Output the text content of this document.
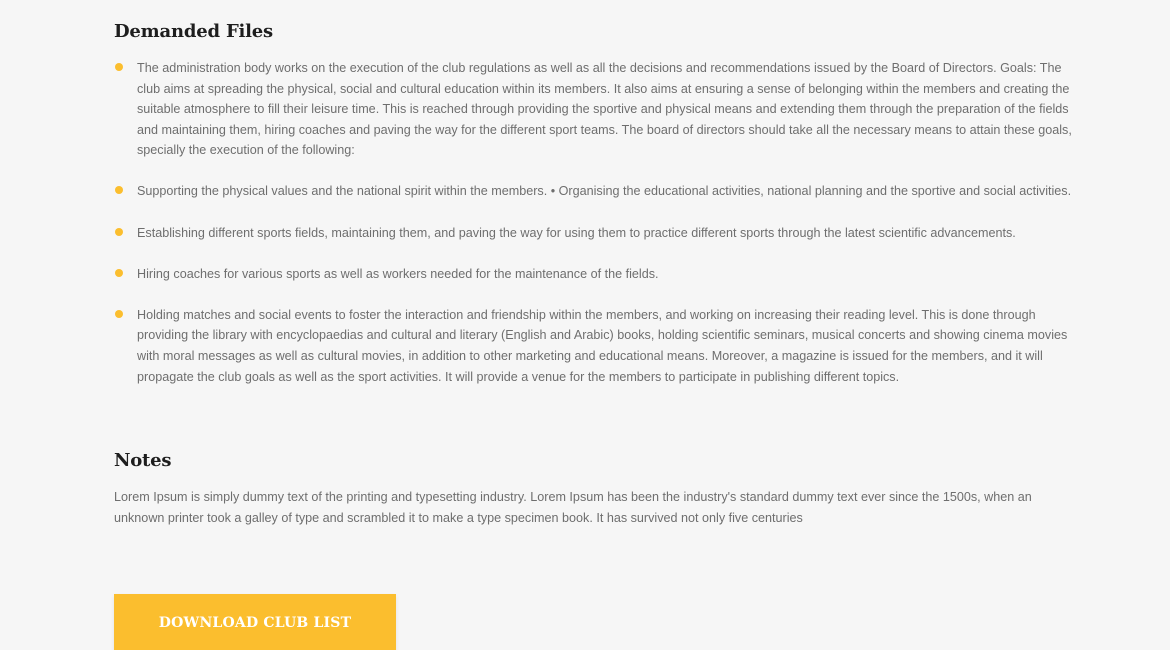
Demanded Files
The administration body works on the execution of the club regulations as well as all the decisions and recommendations issued by the Board of Directors. Goals: The club aims at spreading the physical, social and cultural education within its members. It also aims at ensuring a sense of belonging within the members and creating the suitable atmosphere to fill their leisure time. This is reached through providing the sportive and physical means and extending them through the preparation of the fields and maintaining them, hiring coaches and paving the way for the different sport teams. The board of directors should take all the necessary means to attain these goals, specially the execution of the following:
Supporting the physical values and the national spirit within the members. • Organising the educational activities, national planning and the sportive and social activities.
Establishing different sports fields, maintaining them, and paving the way for using them to practice different sports through the latest scientific advancements.
Hiring coaches for various sports as well as workers needed for the maintenance of the fields.
Holding matches and social events to foster the interaction and friendship within the members, and working on increasing their reading level. This is done through providing the library with encyclopaedias and cultural and literary (English and Arabic) books, holding scientific seminars, musical concerts and showing cinema movies with moral messages as well as cultural movies, in addition to other marketing and educational means. Moreover, a magazine is issued for the members, and it will propagate the club goals as well as the sport activities. It will provide a venue for the members to participate in publishing different topics.
Notes

Lorem Ipsum is simply dummy text of the printing and typesetting industry. Lorem Ipsum has been the industry's standard dummy text ever since the 1500s, when an unknown printer took a galley of type and scrambled it to make a type specimen book. It has survived not only five centuries

DOWNLOAD CLUB LIST
